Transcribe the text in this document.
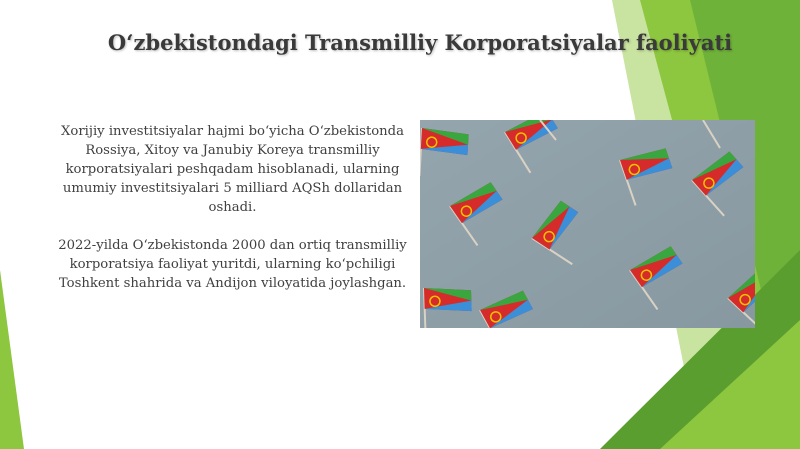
O‘zbekistondagi Transmilliy Korporatsiyalar faoliyati

Xorijiy investitsiyalar hajmi bo‘yicha O‘zbekistonda Rossiya, Xitoy va Janubiy Koreya transmilliy korporatsiyalari peshqadam hisoblanadi, ularning umumiy investitsiyalari 5 milliard AQSh dollaridan oshadi.

2022-yilda O‘zbekistonda 2000 dan ortiq transmilliy korporatsiya faoliyat yuritdi, ularning ko‘pchiligi Toshkent shahrida va Andijon viloyatida joylashgan.
